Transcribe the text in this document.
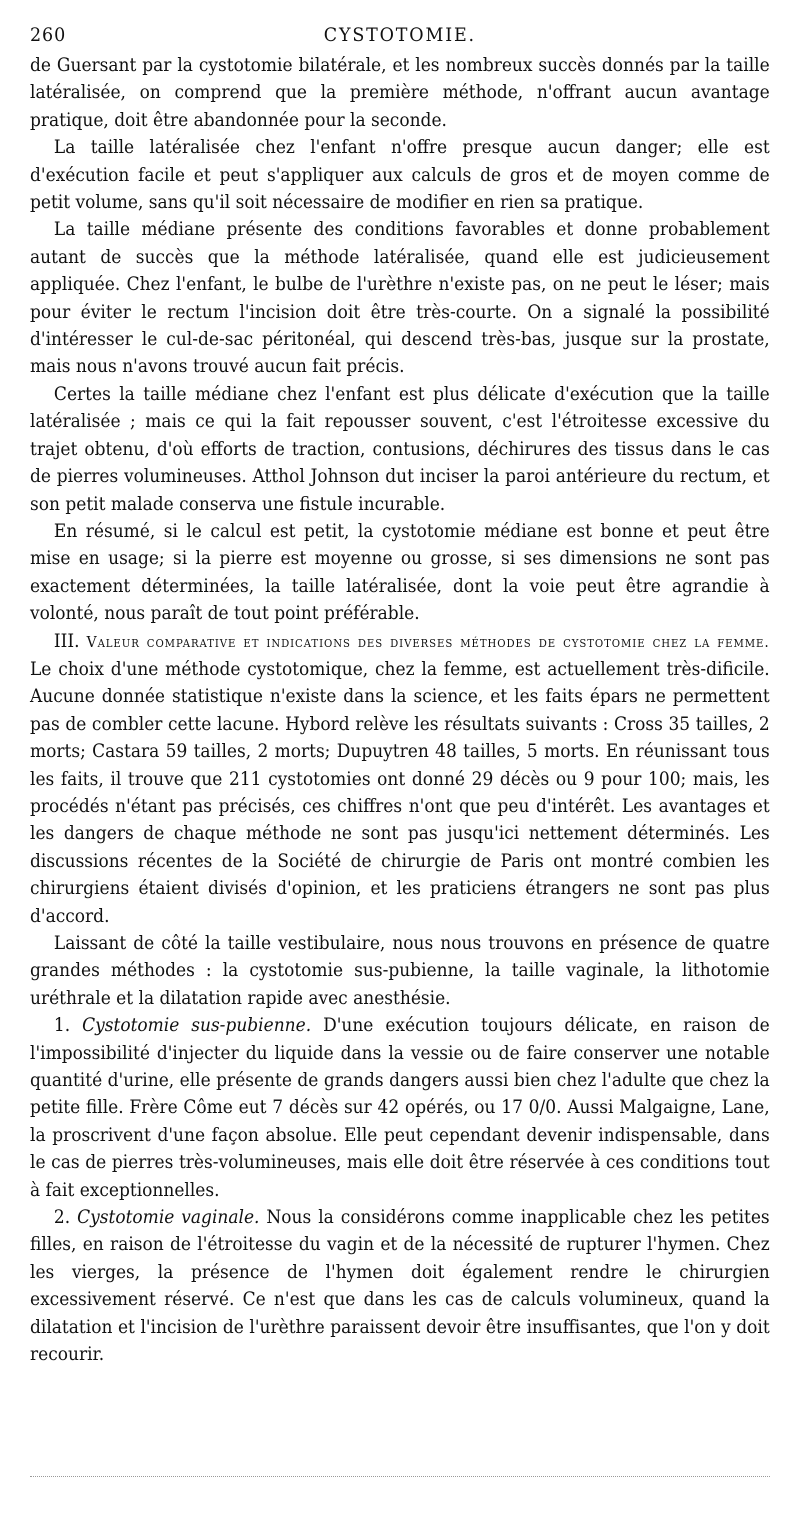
260	CYSTOTOMIE.

de Guersant par la cystotomie bilatérale, et les nombreux succès donnés par la taille latéralisée, on comprend que la première méthode, n'offrant aucun avantage pratique, doit être abandonnée pour la seconde.

La taille latéralisée chez l'enfant n'offre presque aucun danger; elle est d'exécution facile et peut s'appliquer aux calculs de gros et de moyen comme de petit volume, sans qu'il soit nécessaire de modifier en rien sa pratique.

La taille médiane présente des conditions favorables et donne probablement autant de succès que la méthode latéralisée, quand elle est judicieusement appliquée. Chez l'enfant, le bulbe de l'urèthre n'existe pas, on ne peut le léser; mais pour éviter le rectum l'incision doit être très-courte. On a signalé la possibilité d'intéresser le cul-de-sac péritonéal, qui descend très-bas, jusque sur la prostate, mais nous n'avons trouvé aucun fait précis.

Certes la taille médiane chez l'enfant est plus délicate d'exécution que la taille latéralisée ; mais ce qui la fait repousser souvent, c'est l'étroitesse excessive du trajet obtenu, d'où efforts de traction, contusions, déchirures des tissus dans le cas de pierres volumineuses. Atthol Johnson dut inciser la paroi antérieure du rectum, et son petit malade conserva une fistule incurable.

En résumé, si le calcul est petit, la cystotomie médiane est bonne et peut être mise en usage; si la pierre est moyenne ou grosse, si ses dimensions ne sont pas exactement déterminées, la taille latéralisée, dont la voie peut être agrandie à volonté, nous paraît de tout point préférable.

III. Valeur comparative et indications des diverses méthodes de cystotomie chez la femme. Le choix d'une méthode cystotomique, chez la femme, est actuellement très-dificile. Aucune donnée statistique n'existe dans la science, et les faits épars ne permettent pas de combler cette lacune. Hybord relève les résultats suivants : Cross 35 tailles, 2 morts; Castara 59 tailles, 2 morts; Dupuytren 48 tailles, 5 morts. En réunissant tous les faits, il trouve que 211 cystotomies ont donné 29 décès ou 9 pour 100; mais, les procédés n'étant pas précisés, ces chiffres n'ont que peu d'intérêt. Les avantages et les dangers de chaque méthode ne sont pas jusqu'ici nettement déterminés. Les discussions récentes de la Société de chirurgie de Paris ont montré combien les chirurgiens étaient divisés d'opinion, et les praticiens étrangers ne sont pas plus d'accord.

Laissant de côté la taille vestibulaire, nous nous trouvons en présence de quatre grandes méthodes : la cystotomie sus-pubienne, la taille vaginale, la lithotomie uréthrale et la dilatation rapide avec anesthésie.

1. Cystotomie sus-pubienne. D'une exécution toujours délicate, en raison de l'impossibilité d'injecter du liquide dans la vessie ou de faire conserver une notable quantité d'urine, elle présente de grands dangers aussi bien chez l'adulte que chez la petite fille. Frère Côme eut 7 décès sur 42 opérés, ou 17 0/0. Aussi Malgaigne, Lane, la proscrivent d'une façon absolue. Elle peut cependant devenir indispensable, dans le cas de pierres très-volumineuses, mais elle doit être réservée à ces conditions tout à fait exceptionnelles.

2. Cystotomie vaginale. Nous la considérons comme inapplicable chez les petites filles, en raison de l'étroitesse du vagin et de la nécessité de rupturer l'hymen. Chez les vierges, la présence de l'hymen doit également rendre le chirurgien excessivement réservé. Ce n'est que dans les cas de calculs volumineux, quand la dilatation et l'incision de l'urèthre paraissent devoir être insuffisantes, que l'on y doit recourir.
